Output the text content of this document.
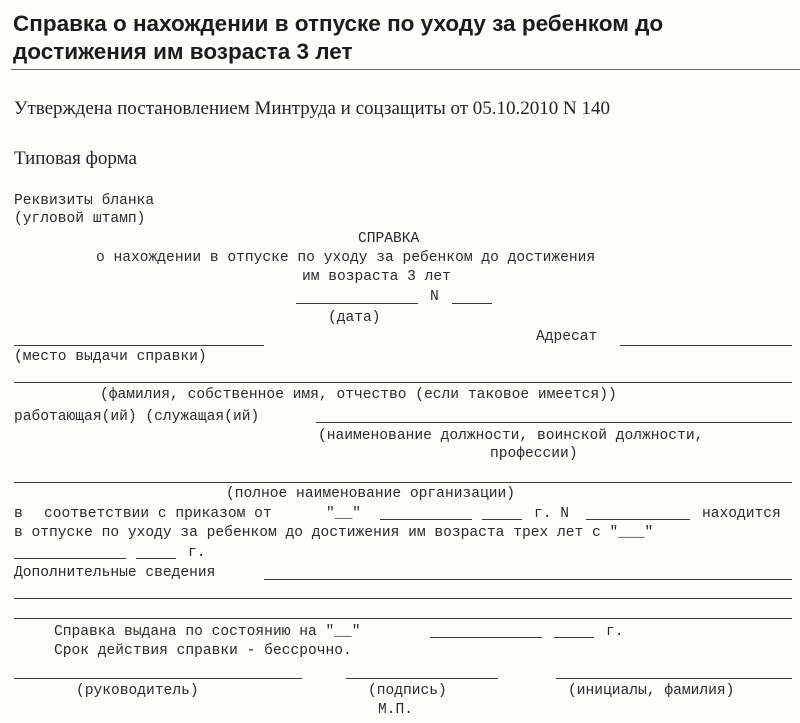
Справка о нахождении в отпуске по уходу за ребенком до достижения им возраста 3 лет
Утверждена постановлением Минтруда и соцзащиты от 05.10.2010 N 140
Типовая форма
Реквизиты бланка
(угловой штамп)
СПРАВКА
о нахождении в отпуске по уходу за ребенком до достижения
им возраста 3 лет
N
(дата)
Адресат
(место выдачи справки)
(фамилия, собственное имя, отчество (если таковое имеется))
работающая(ий) (служащая(ий)
(наименование должности, воинской должности,
профессии)
(полное наименование организации)
в соответствии с приказом от	"__"	г. N	находится
в отпуске по уходу за ребенком до достижения им возраста трех лет с "___"
г.
Дополнительные сведения
Справка выдана по состоянию на "__"	г.
Срок действия справки - бессрочно.
(руководитель)	(подпись)	(инициалы, фамилия)
М.П.
